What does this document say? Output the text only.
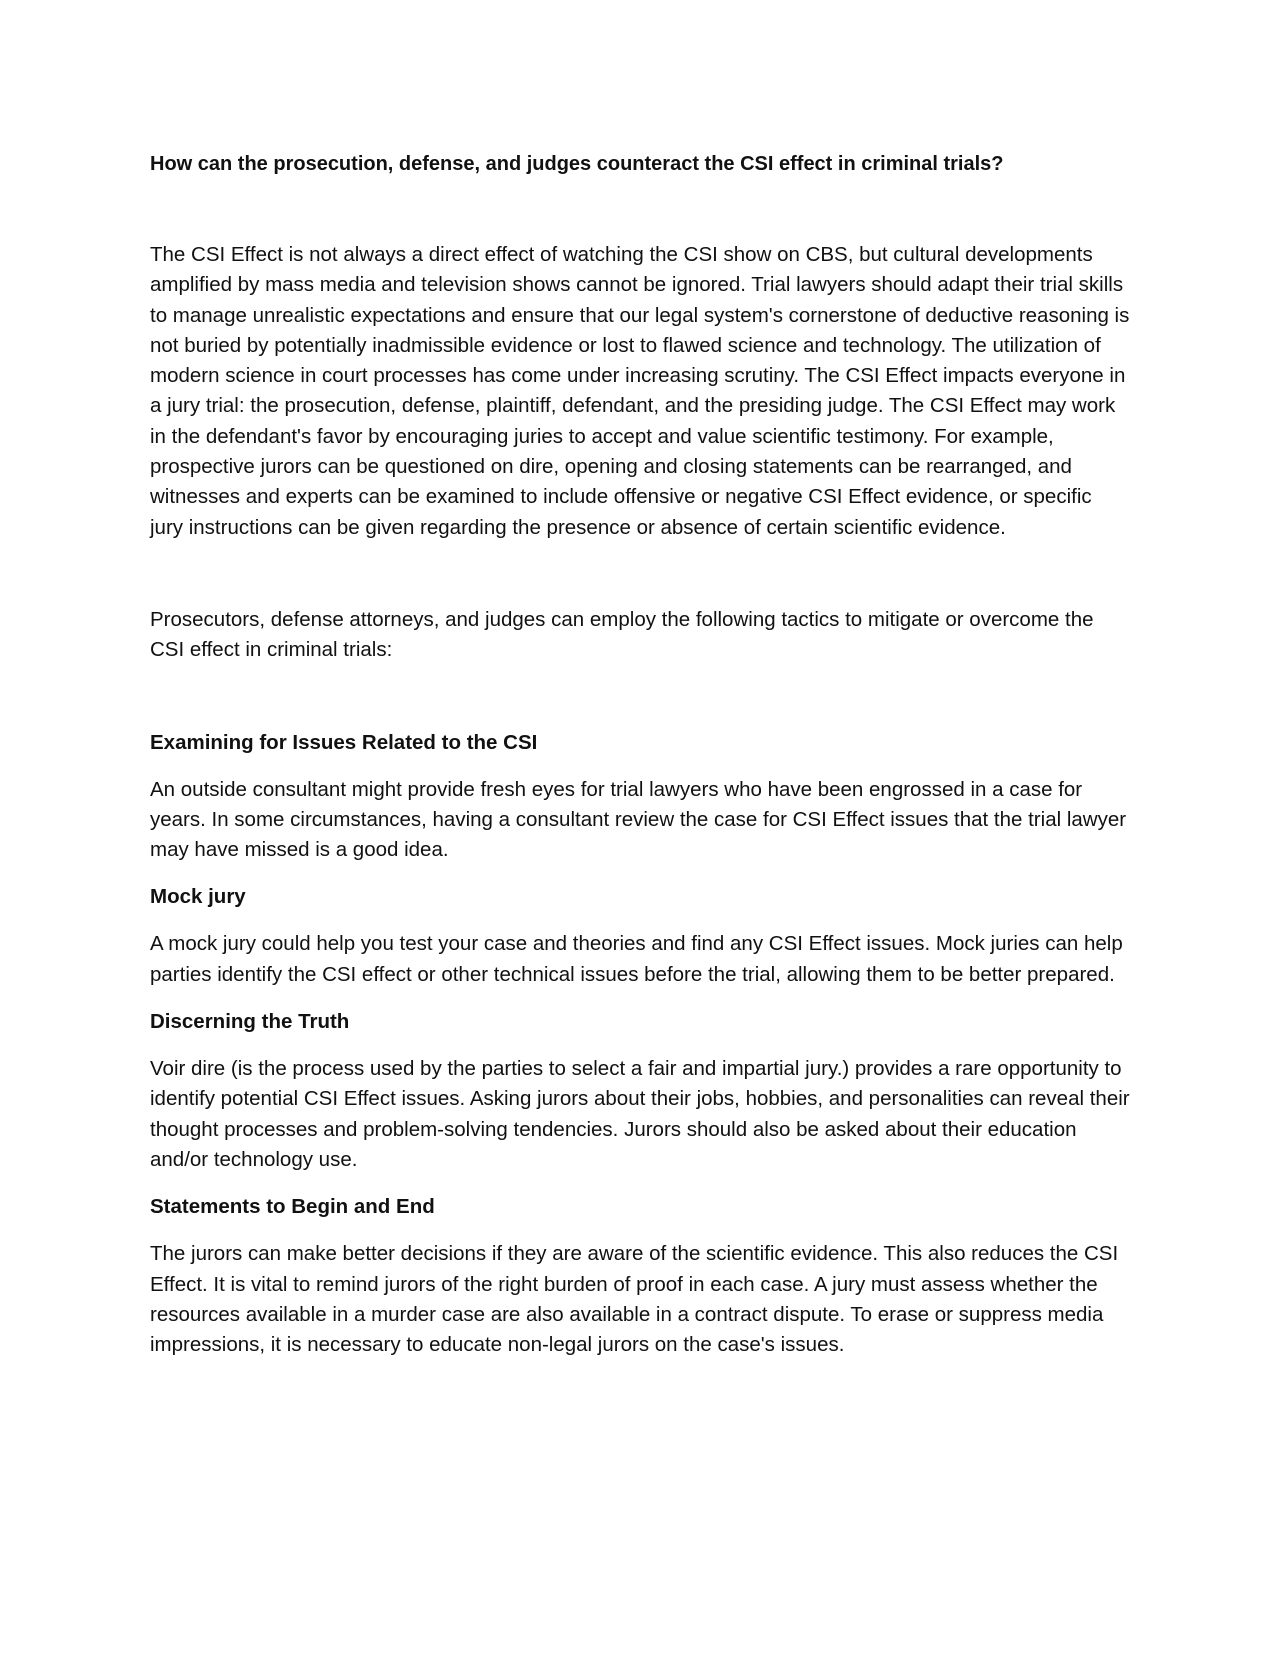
How can the prosecution, defense, and judges counteract the CSI effect in criminal trials?

The CSI Effect is not always a direct effect of watching the CSI show on CBS, but cultural developments amplified by mass media and television shows cannot be ignored. Trial lawyers should adapt their trial skills to manage unrealistic expectations and ensure that our legal system's cornerstone of deductive reasoning is not buried by potentially inadmissible evidence or lost to flawed science and technology. The utilization of modern science in court processes has come under increasing scrutiny. The CSI Effect impacts everyone in a jury trial: the prosecution, defense, plaintiff, defendant, and the presiding judge. The CSI Effect may work in the defendant's favor by encouraging juries to accept and value scientific testimony. For example, prospective jurors can be questioned on dire, opening and closing statements can be rearranged, and witnesses and experts can be examined to include offensive or negative CSI Effect evidence, or specific jury instructions can be given regarding the presence or absence of certain scientific evidence.

Prosecutors, defense attorneys, and judges can employ the following tactics to mitigate or overcome the CSI effect in criminal trials:

Examining for Issues Related to the CSI

An outside consultant might provide fresh eyes for trial lawyers who have been engrossed in a case for years. In some circumstances, having a consultant review the case for CSI Effect issues that the trial lawyer may have missed is a good idea.

Mock jury

A mock jury could help you test your case and theories and find any CSI Effect issues. Mock juries can help parties identify the CSI effect or other technical issues before the trial, allowing them to be better prepared.

Discerning the Truth

Voir dire (is the process used by the parties to select a fair and impartial jury.) provides a rare opportunity to identify potential CSI Effect issues. Asking jurors about their jobs, hobbies, and personalities can reveal their thought processes and problem-solving tendencies. Jurors should also be asked about their education and/or technology use.

Statements to Begin and End

The jurors can make better decisions if they are aware of the scientific evidence. This also reduces the CSI Effect. It is vital to remind jurors of the right burden of proof in each case. A jury must assess whether the resources available in a murder case are also available in a contract dispute. To erase or suppress media impressions, it is necessary to educate non-legal jurors on the case's issues.
